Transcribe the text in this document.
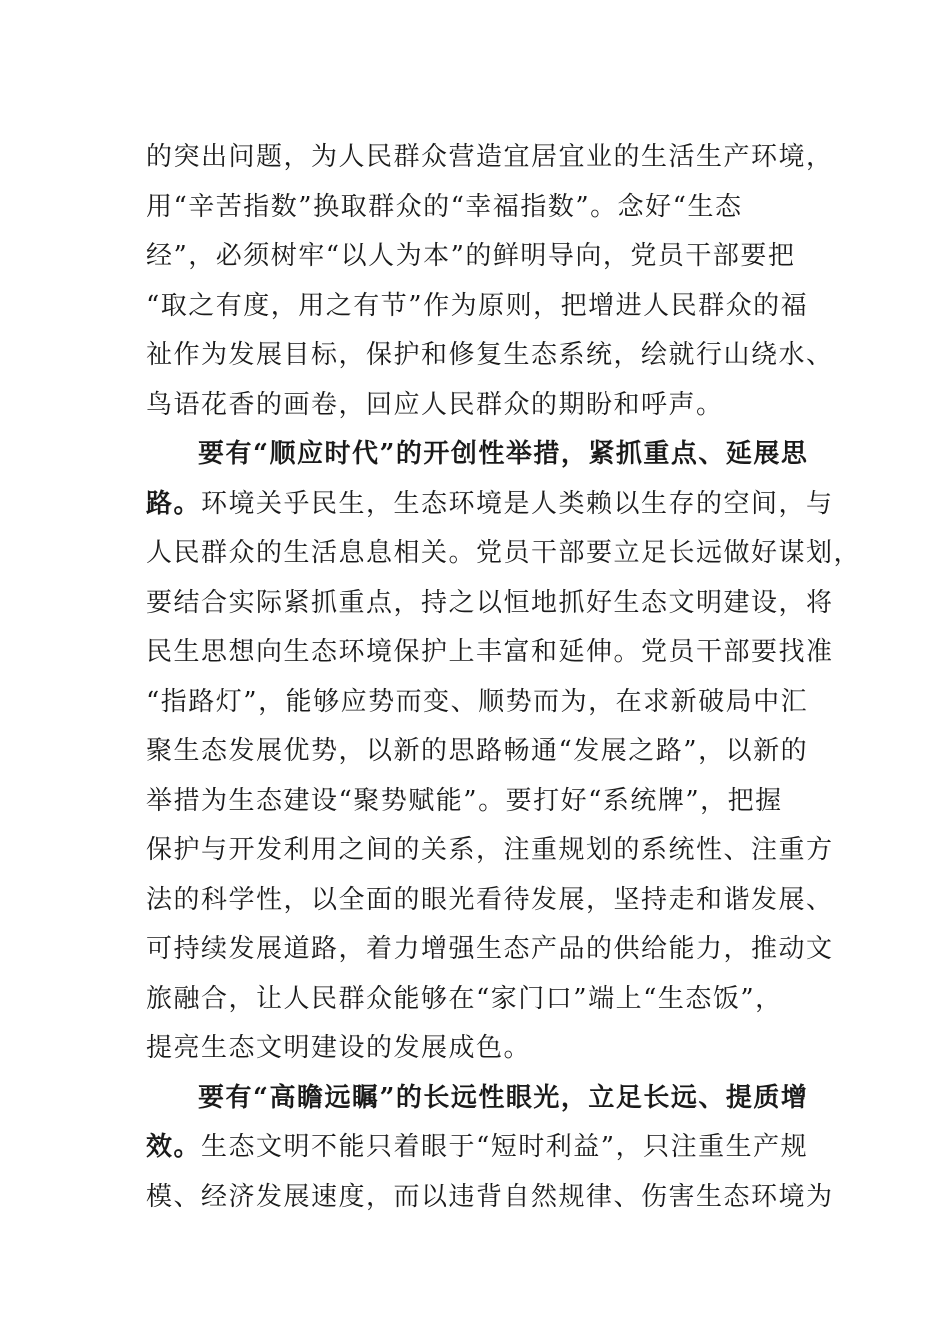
的突出问题，为人民群众营造宜居宜业的生活生产环境，
用“辛苦指数”换取群众的“幸福指数”。念好“生态
经”，必须树牢“以人为本”的鲜明导向，党员干部要把
“取之有度，用之有节”作为原则，把增进人民群众的福
祉作为发展目标，保护和修复生态系统，绘就行山绕水、
鸟语花香的画卷，回应人民群众的期盼和呼声。
要有“顺应时代”的开创性举措，紧抓重点、延展思
路。环境关乎民生，生态环境是人类赖以生存的空间，与
人民群众的生活息息相关。党员干部要立足长远做好谋划，
要结合实际紧抓重点，持之以恒地抓好生态文明建设，将
民生思想向生态环境保护上丰富和延伸。党员干部要找准
“指路灯”，能够应势而变、顺势而为，在求新破局中汇
聚生态发展优势，以新的思路畅通“发展之路”，以新的
举措为生态建设“聚势赋能”。要打好“系统牌”，把握
保护与开发利用之间的关系，注重规划的系统性、注重方
法的科学性，以全面的眼光看待发展，坚持走和谐发展、
可持续发展道路，着力增强生态产品的供给能力，推动文
旅融合，让人民群众能够在“家门口”端上“生态饭”，
提亮生态文明建设的发展成色。
要有“高瞻远瞩”的长远性眼光，立足长远、提质增
效。生态文明不能只着眼于“短时利益”，只注重生产规
模、经济发展速度，而以违背自然规律、伤害生态环境为
